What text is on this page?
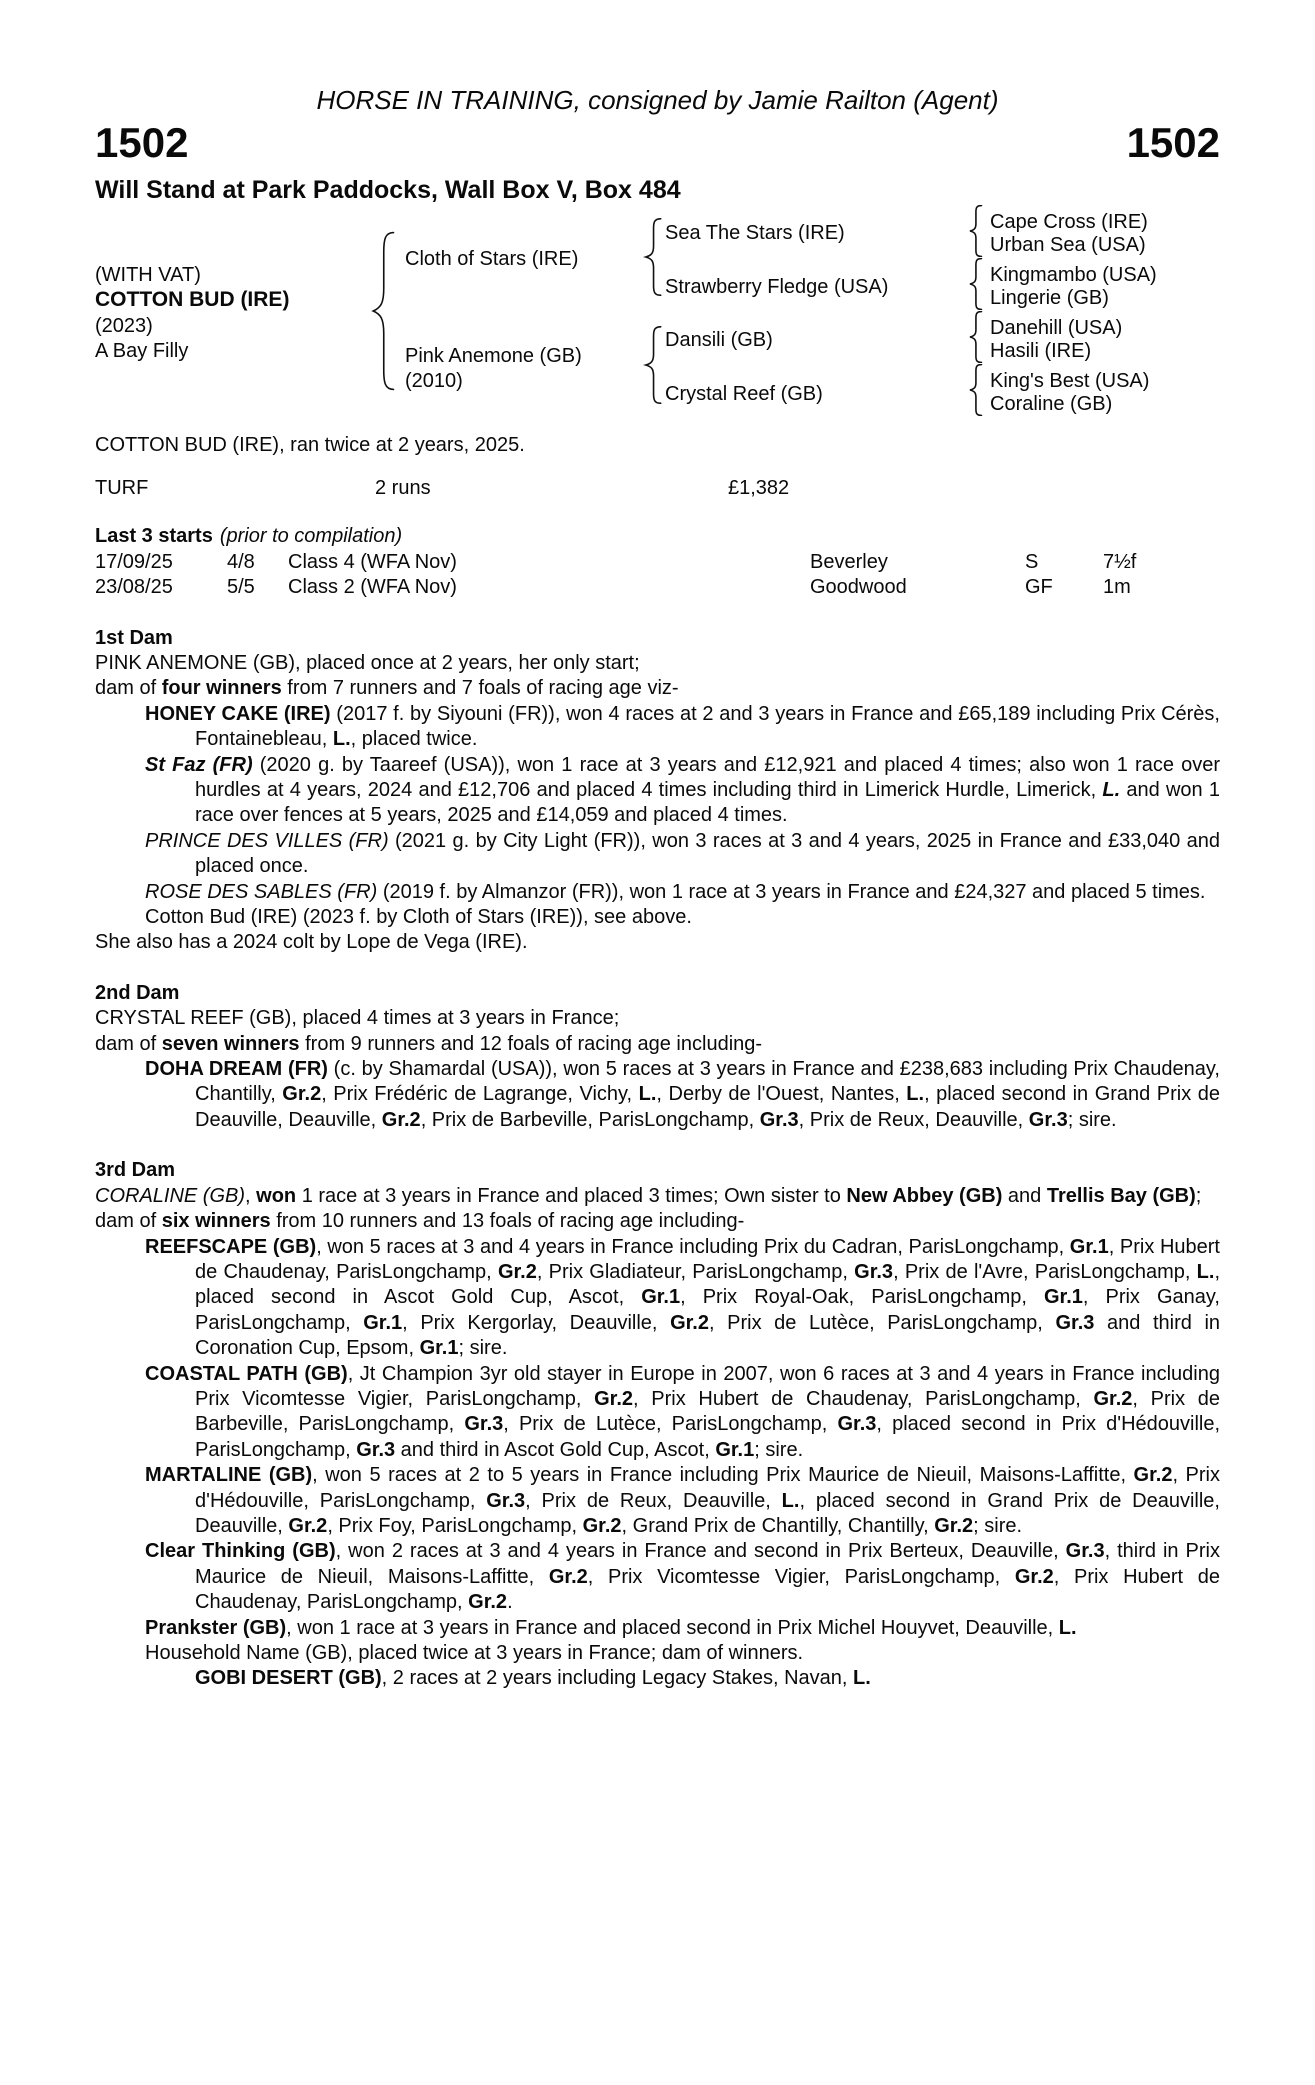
HORSE IN TRAINING, consigned by Jamie Railton (Agent)
1502	1502
Will Stand at Park Paddocks, Wall Box V, Box 484
(WITH VAT)
COTTON BUD (IRE)
(2023)
A Bay Filly
Cloth of Stars (IRE)
Pink Anemone (GB)
(2010)
Sea The Stars (IRE)
Strawberry Fledge (USA)
Dansili (GB)
Crystal Reef (GB)
Cape Cross (IRE)
Urban Sea (USA)
Kingmambo (USA)
Lingerie (GB)
Danehill (USA)
Hasili (IRE)
King's Best (USA)
Coraline (GB)
COTTON BUD (IRE), ran twice at 2 years, 2025.
TURF	2 runs	£1,382
Last 3 starts (prior to compilation)
17/09/25	4/8 Class 4 (WFA Nov)	Beverley	S	7½f
23/08/25	5/5 Class 2 (WFA Nov)	Goodwood	GF	1m
1st Dam

PINK ANEMONE (GB), placed once at 2 years, her only start;

dam of four winners from 7 runners and 7 foals of racing age viz-

HONEY CAKE (IRE) (2017 f. by Siyouni (FR)), won 4 races at 2 and 3 years in France and £65,189 including Prix Cérès, Fontainebleau, L., placed twice.

St Faz (FR) (2020 g. by Taareef (USA)), won 1 race at 3 years and £12,921 and placed 4 times; also won 1 race over hurdles at 4 years, 2024 and £12,706 and placed 4 times including third in Limerick Hurdle, Limerick, L. and won 1 race over fences at 5 years, 2025 and £14,059 and placed 4 times.

PRINCE DES VILLES (FR) (2021 g. by City Light (FR)), won 3 races at 3 and 4 years, 2025 in France and £33,040 and placed once.

ROSE DES SABLES (FR) (2019 f. by Almanzor (FR)), won 1 race at 3 years in France and £24,327 and placed 5 times.

Cotton Bud (IRE) (2023 f. by Cloth of Stars (IRE)), see above.

She also has a 2024 colt by Lope de Vega (IRE).

2nd Dam

CRYSTAL REEF (GB), placed 4 times at 3 years in France;

dam of seven winners from 9 runners and 12 foals of racing age including-

DOHA DREAM (FR) (c. by Shamardal (USA)), won 5 races at 3 years in France and £238,683 including Prix Chaudenay, Chantilly, Gr.2, Prix Frédéric de Lagrange, Vichy, L., Derby de l'Ouest, Nantes, L., placed second in Grand Prix de Deauville, Deauville, Gr.2, Prix de Barbeville, ParisLongchamp, Gr.3, Prix de Reux, Deauville, Gr.3; sire.

3rd Dam

CORALINE (GB), won 1 race at 3 years in France and placed 3 times; Own sister to New Abbey (GB) and Trellis Bay (GB);

dam of six winners from 10 runners and 13 foals of racing age including-

REEFSCAPE (GB), won 5 races at 3 and 4 years in France including Prix du Cadran, ParisLongchamp, Gr.1, Prix Hubert de Chaudenay, ParisLongchamp, Gr.2, Prix Gladiateur, ParisLongchamp, Gr.3, Prix de l'Avre, ParisLongchamp, L., placed second in Ascot Gold Cup, Ascot, Gr.1, Prix Royal-Oak, ParisLongchamp, Gr.1, Prix Ganay, ParisLongchamp, Gr.1, Prix Kergorlay, Deauville, Gr.2, Prix de Lutèce, ParisLongchamp, Gr.3 and third in Coronation Cup, Epsom, Gr.1; sire.

COASTAL PATH (GB), Jt Champion 3yr old stayer in Europe in 2007, won 6 races at 3 and 4 years in France including Prix Vicomtesse Vigier, ParisLongchamp, Gr.2, Prix Hubert de Chaudenay, ParisLongchamp, Gr.2, Prix de Barbeville, ParisLongchamp, Gr.3, Prix de Lutèce, ParisLongchamp, Gr.3, placed second in Prix d'Hédouville, ParisLongchamp, Gr.3 and third in Ascot Gold Cup, Ascot, Gr.1; sire.

MARTALINE (GB), won 5 races at 2 to 5 years in France including Prix Maurice de Nieuil, Maisons-Laffitte, Gr.2, Prix d'Hédouville, ParisLongchamp, Gr.3, Prix de Reux, Deauville, L., placed second in Grand Prix de Deauville, Deauville, Gr.2, Prix Foy, ParisLongchamp, Gr.2, Grand Prix de Chantilly, Chantilly, Gr.2; sire.

Clear Thinking (GB), won 2 races at 3 and 4 years in France and second in Prix Berteux, Deauville, Gr.3, third in Prix Maurice de Nieuil, Maisons-Laffitte, Gr.2, Prix Vicomtesse Vigier, ParisLongchamp, Gr.2, Prix Hubert de Chaudenay, ParisLongchamp, Gr.2.

Prankster (GB), won 1 race at 3 years in France and placed second in Prix Michel Houyvet, Deauville, L.

Household Name (GB), placed twice at 3 years in France; dam of winners.

GOBI DESERT (GB), 2 races at 2 years including Legacy Stakes, Navan, L.
